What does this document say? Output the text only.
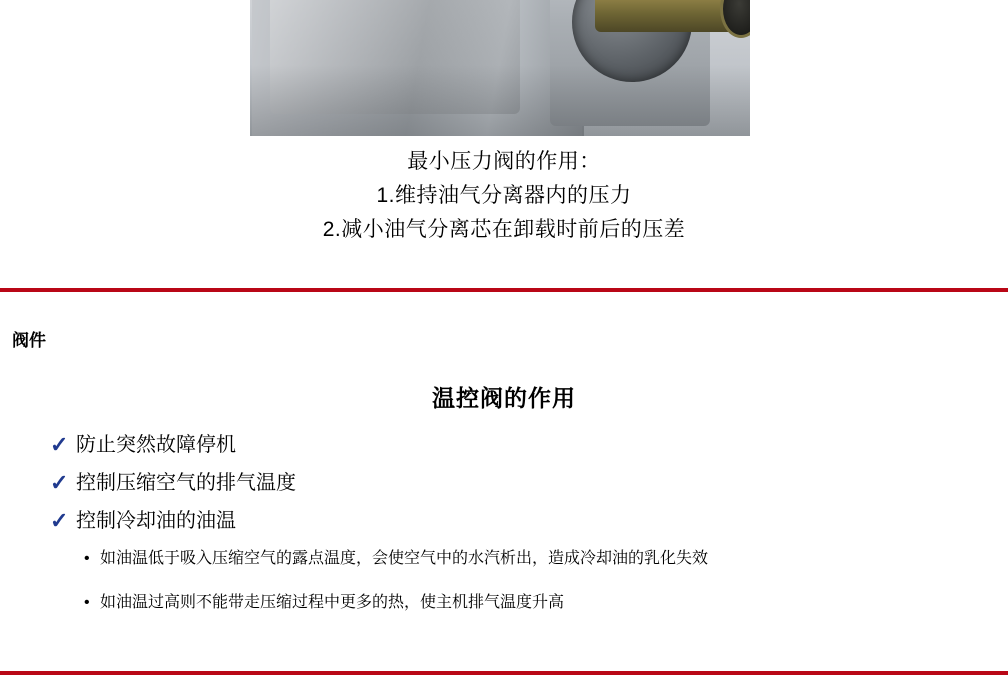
最小压力阀的作用：
1.维持油气分离器内的压力
2.减小油气分离芯在卸载时前后的压差
阀件
温控阀的作用
✓ 防止突然故障停机
✓ 控制压缩空气的排气温度
✓ 控制冷却油的油温
• 如油温低于吸入压缩空气的露点温度，会使空气中的水汽析出，造成冷却油的乳化失效
• 如油温过高则不能带走压缩过程中更多的热，使主机排气温度升高
